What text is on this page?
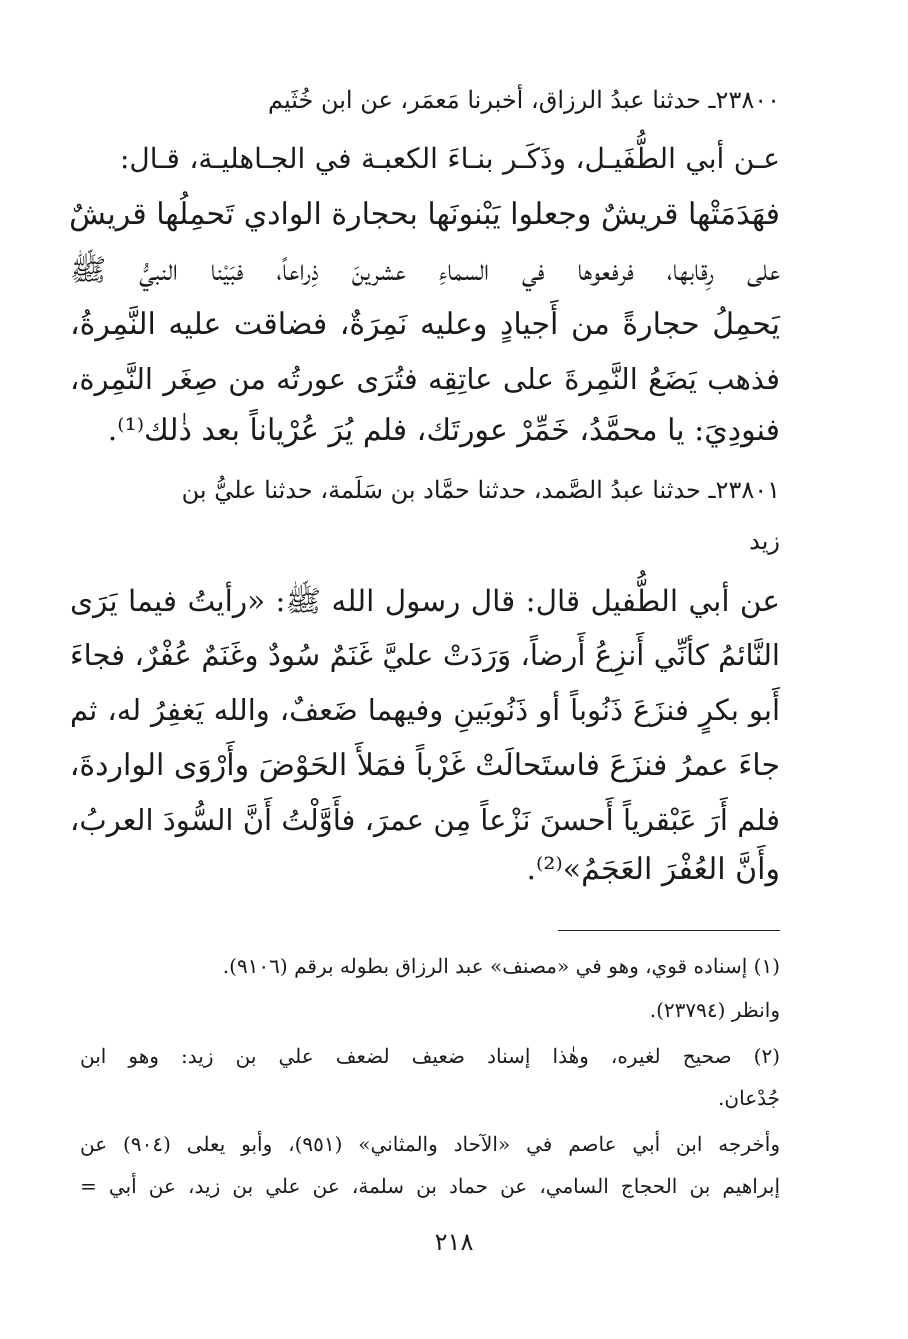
٢٣٨٠٠ـ حدثنا عبدُ الرزاق، أخبرنا مَعمَر، عن ابن خُثَيم
عـن أبي الطُّفَيـل، وذَكَـر بنـاءَ الكعبـة في الجـاهليـة، قـال:
فهَدَمَتْها قريشٌ وجعلوا يَبْنونَها بحجارة الوادي تَحمِلُها قريشٌ
على رِقابها، فرفعوها في السماءِ عشرينَ ذِراعاً، فبَيْنا النبيُّ ﷺ
يَحمِلُ حجارةً من أَجيادٍ وعليه نَمِرَةٌ، فضاقت عليه النَّمِرةُ،
فذهب يَضَعُ النَّمِرةَ على عاتِقِه فتُرَى عورتُه من صِغَر النَّمِرة،
فنودِيَ: يا محمَّدُ، خَمِّرْ عورتَك، فلم يُرَ عُرْياناً بعد ذٰلك⁽¹⁾.
٢٣٨٠١ـ حدثنا عبدُ الصَّمد، حدثنا حمَّاد بن سَلَمة، حدثنا عليُّ بن
زيد
عن أبي الطُّفيل قال: قال رسول الله ﷺ: «رأيتُ فيما يَرَى
النَّائمُ كأنِّي أَنزِعُ أَرضاً، وَرَدَتْ عليَّ غَنَمٌ سُودٌ وغَنَمٌ عُفْرٌ، فجاءَ
أَبو بكرٍ فنزَعَ ذَنُوباً أو ذَنُوبَينِ وفيهما ضَعفٌ، والله يَغفِرُ له، ثم
جاءَ عمرُ فنزَعَ فاستَحالَتْ غَرْباً فمَلأَ الحَوْضَ وأَرْوَى الواردةَ،
فلم أَرَ عَبْقرياً أَحسنَ نَزْعاً مِن عمرَ، فأَوَّلْتُ أَنَّ السُّودَ العربُ،
وأَنَّ العُفْرَ العَجَمُ»⁽²⁾.
(١) إسناده قوي، وهو في «مصنف» عبد الرزاق بطوله برقم (٩١٠٦).
وانظر (٢٣٧٩٤).
(٢) صحيح لغيره، وهٰذا إسناد ضعيف لضعف علي بن زيد: وهو ابن
جُدْعان.
وأخرجه ابن أبي عاصم في «الآحاد والمثاني» (٩٥١)، وأبو يعلى (٩٠٤) عن
إبراهيم بن الحجاج السامي، عن حماد بن سلمة، عن علي بن زيد، عن أبي =
٢١٨
